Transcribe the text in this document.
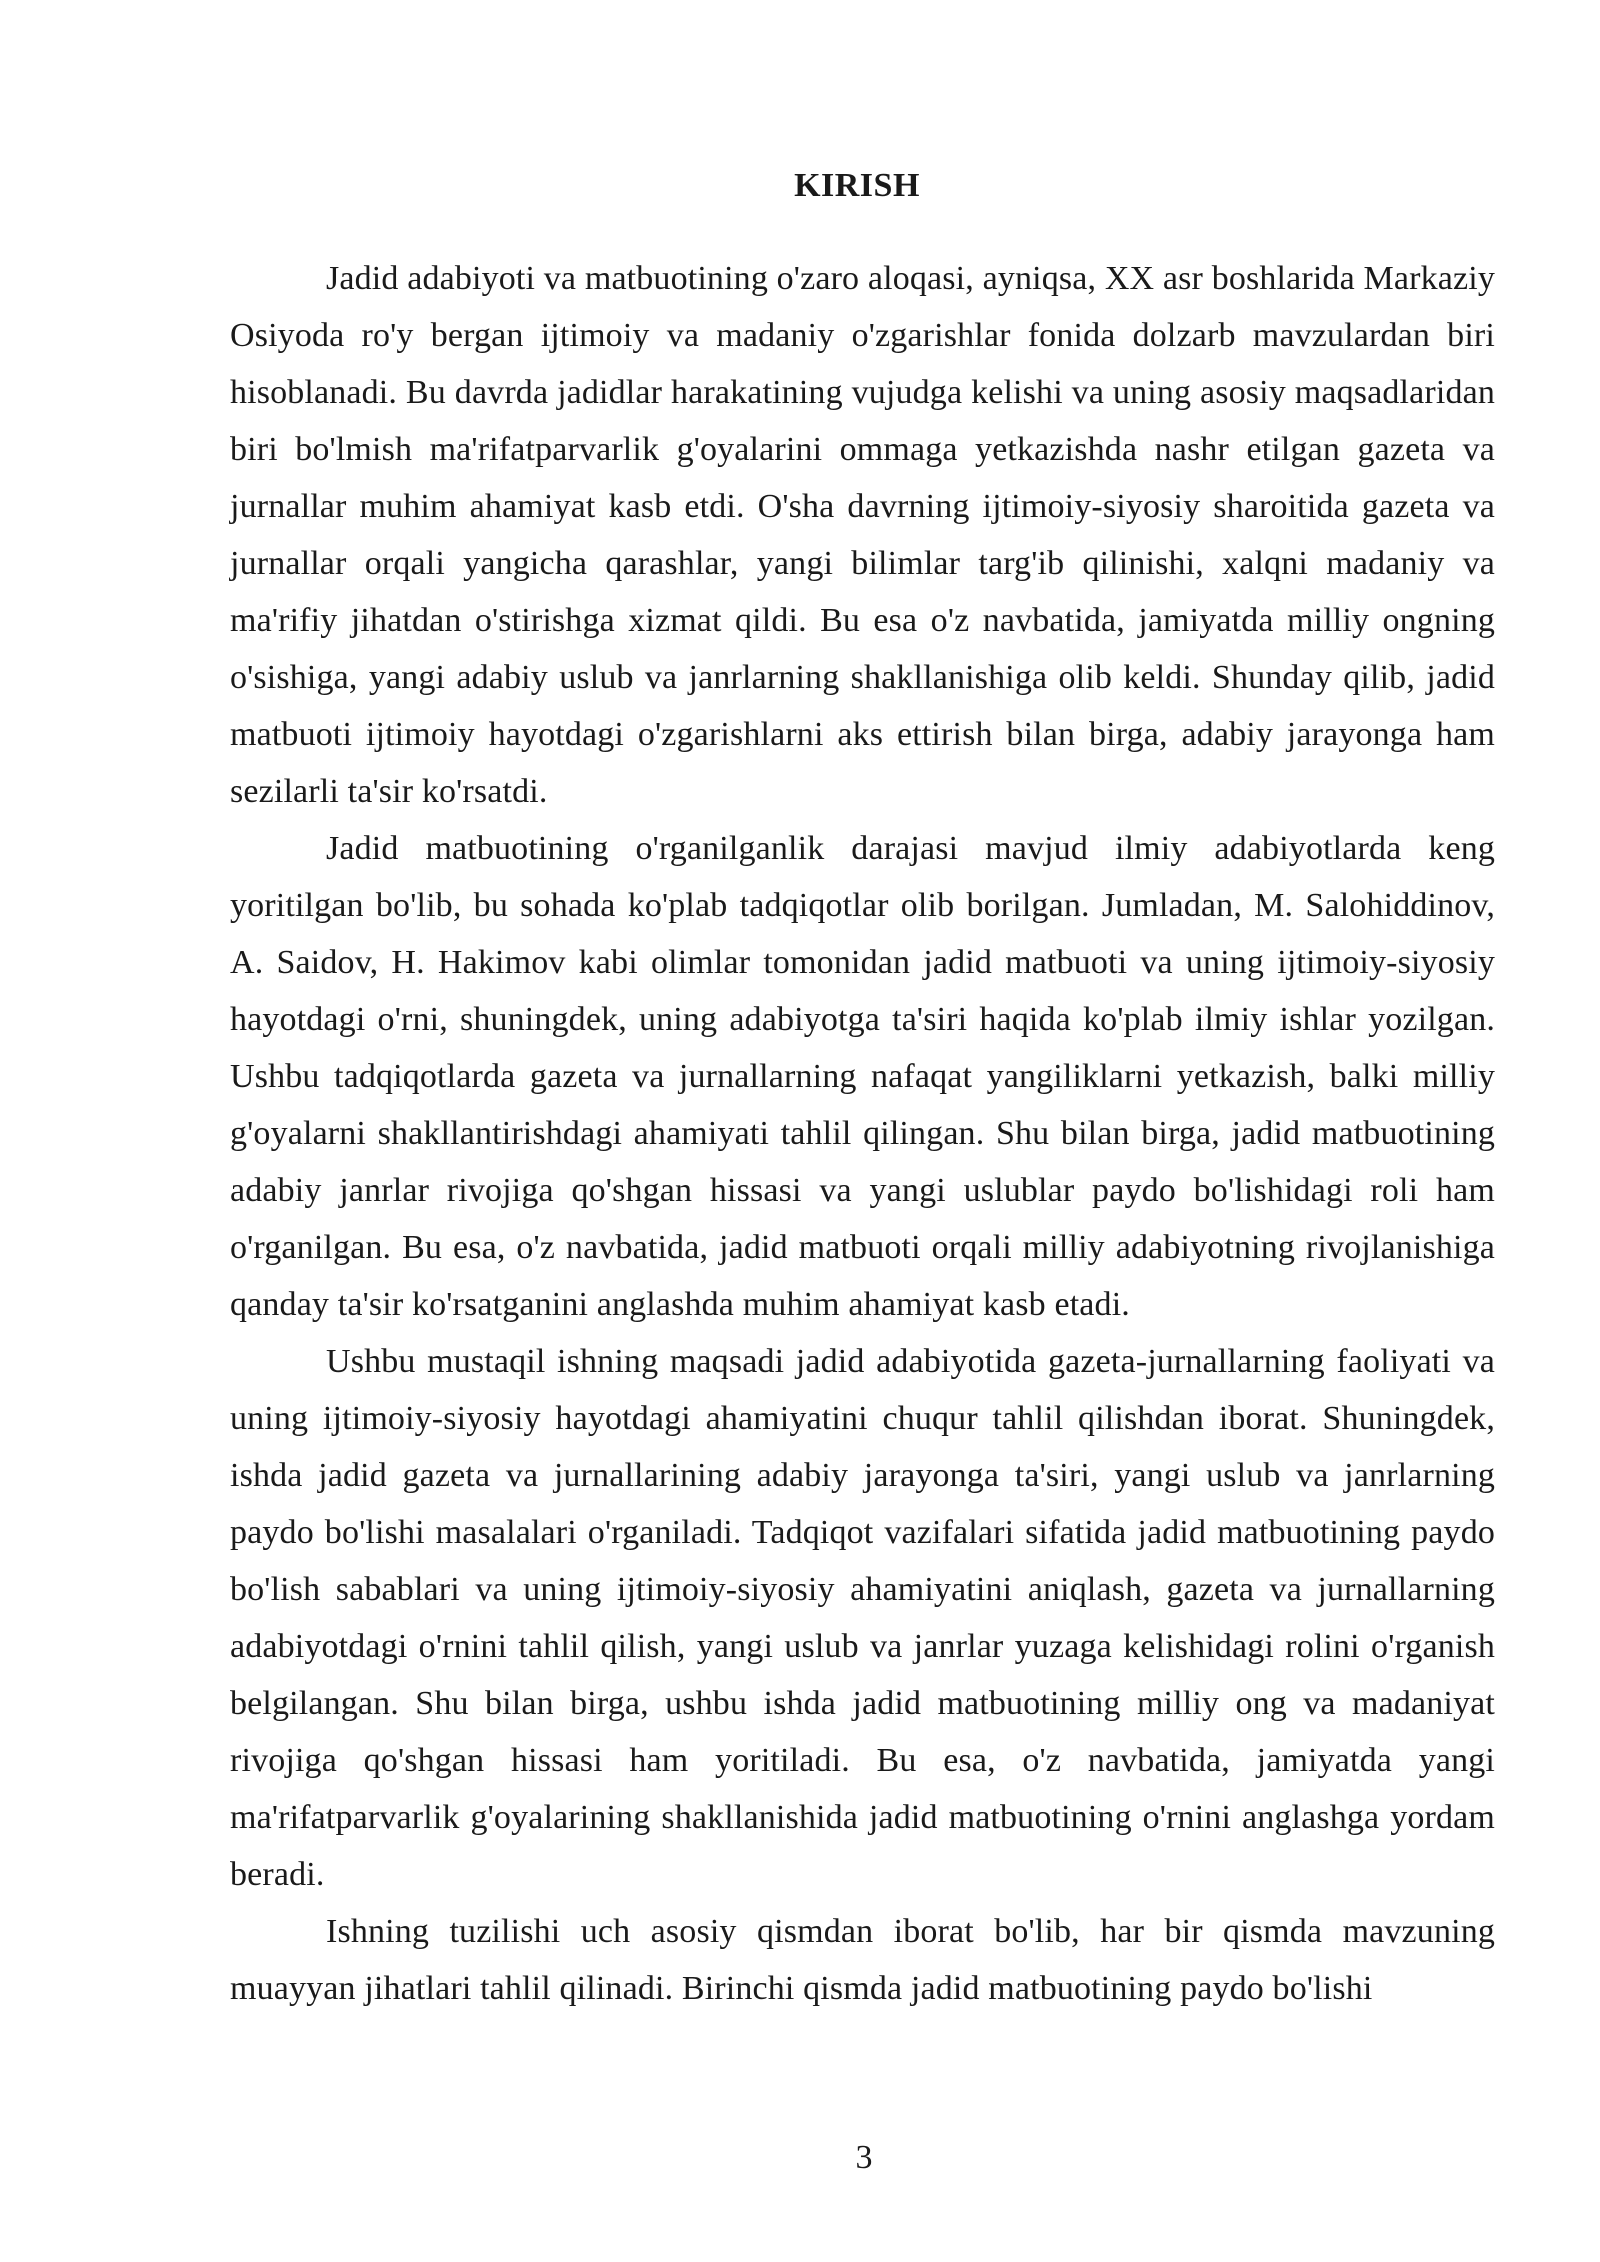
KIRISH

Jadid adabiyoti va matbuotining o'zaro aloqasi, ayniqsa, XX asr boshlarida Markaziy Osiyoda ro'y bergan ijtimoiy va madaniy o'zgarishlar fonida dolzarb mavzulardan biri hisoblanadi. Bu davrda jadidlar harakatining vujudga kelishi va uning asosiy maqsadlaridan biri bo'lmish ma'rifatparvarlik g'oyalarini ommaga yetkazishda nashr etilgan gazeta va jurnallar muhim ahamiyat kasb etdi. O'sha davrning ijtimoiy-siyosiy sharoitida gazeta va jurnallar orqali yangicha qarashlar, yangi bilimlar targ'ib qilinishi, xalqni madaniy va ma'rifiy jihatdan o'stirishga xizmat qildi. Bu esa o'z navbatida, jamiyatda milliy ongning o'sishiga, yangi adabiy uslub va janrlarning shakllanishiga olib keldi. Shunday qilib, jadid matbuoti ijtimoiy hayotdagi o'zgarishlarni aks ettirish bilan birga, adabiy jarayonga ham sezilarli ta'sir ko'rsatdi.

Jadid matbuotining o'rganilganlik darajasi mavjud ilmiy adabiyotlarda keng yoritilgan bo'lib, bu sohada ko'plab tadqiqotlar olib borilgan. Jumladan, M. Salohiddinov, A. Saidov, H. Hakimov kabi olimlar tomonidan jadid matbuoti va uning ijtimoiy-siyosiy hayotdagi o'rni, shuningdek, uning adabiyotga ta'siri haqida ko'plab ilmiy ishlar yozilgan. Ushbu tadqiqotlarda gazeta va jurnallarning nafaqat yangiliklarni yetkazish, balki milliy g'oyalarni shakllantirishdagi ahamiyati tahlil qilingan. Shu bilan birga, jadid matbuotining adabiy janrlar rivojiga qo'shgan hissasi va yangi uslublar paydo bo'lishidagi roli ham o'rganilgan. Bu esa, o'z navbatida, jadid matbuoti orqali milliy adabiyotning rivojlanishiga qanday ta'sir ko'rsatganini anglashda muhim ahamiyat kasb etadi.

Ushbu mustaqil ishning maqsadi jadid adabiyotida gazeta-jurnallarning faoliyati va uning ijtimoiy-siyosiy hayotdagi ahamiyatini chuqur tahlil qilishdan iborat. Shuningdek, ishda jadid gazeta va jurnallarining adabiy jarayonga ta'siri, yangi uslub va janrlarning paydo bo'lishi masalalari o'rganiladi. Tadqiqot vazifalari sifatida jadid matbuotining paydo bo'lish sabablari va uning ijtimoiy-siyosiy ahamiyatini aniqlash, gazeta va jurnallarning adabiyotdagi o'rnini tahlil qilish, yangi uslub va janrlar yuzaga kelishidagi rolini o'rganish belgilangan. Shu bilan birga, ushbu ishda jadid matbuotining milliy ong va madaniyat rivojiga qo'shgan hissasi ham yoritiladi. Bu esa, o'z navbatida, jamiyatda yangi ma'rifatparvarlik g'oyalarining shakllanishida jadid matbuotining o'rnini anglashga yordam beradi.

Ishning tuzilishi uch asosiy qismdan iborat bo'lib, har bir qismda mavzuning muayyan jihatlari tahlil qilinadi. Birinchi qismda jadid matbuotining paydo bo'lishi

3
